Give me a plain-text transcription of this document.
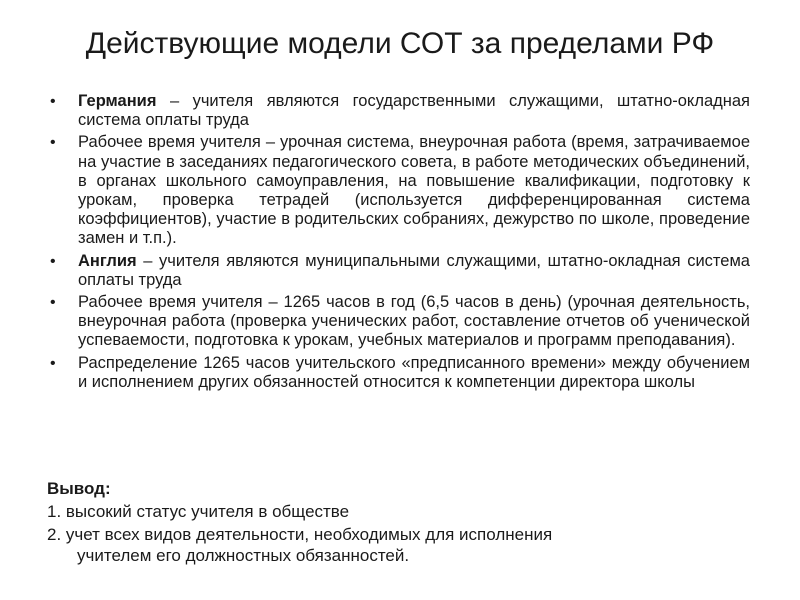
Действующие модели СОТ за пределами РФ
• Германия – учителя являются государственными служащими, штатно-окладная система оплаты труда
• Рабочее время учителя – урочная система, внеурочная работа (время, затрачиваемое на участие в заседаниях педагогического совета, в работе методических объединений, в органах школьного самоуправления, на повышение квалификации, подготовку к урокам, проверка тетрадей (используется дифференцированная система коэффициентов), участие в родительских собраниях, дежурство по школе, проведение замен и т.п.).
• Англия – учителя являются муниципальными служащими, штатно-окладная система оплаты труда
• Рабочее время учителя – 1265 часов в год (6,5 часов в день) (урочная деятельность, внеурочная работа (проверка ученических работ, составление отчетов об ученической успеваемости, подготовка к урокам, учебных материалов и программ преподавания).
• Распределение 1265 часов учительского «предписанного времени» между обучением и исполнением других обязанностей относится к компетенции директора школы
Вывод:
1. высокий статус учителя в обществе
2. учет всех видов деятельности, необходимых для исполнения
учителем его должностных обязанностей.
